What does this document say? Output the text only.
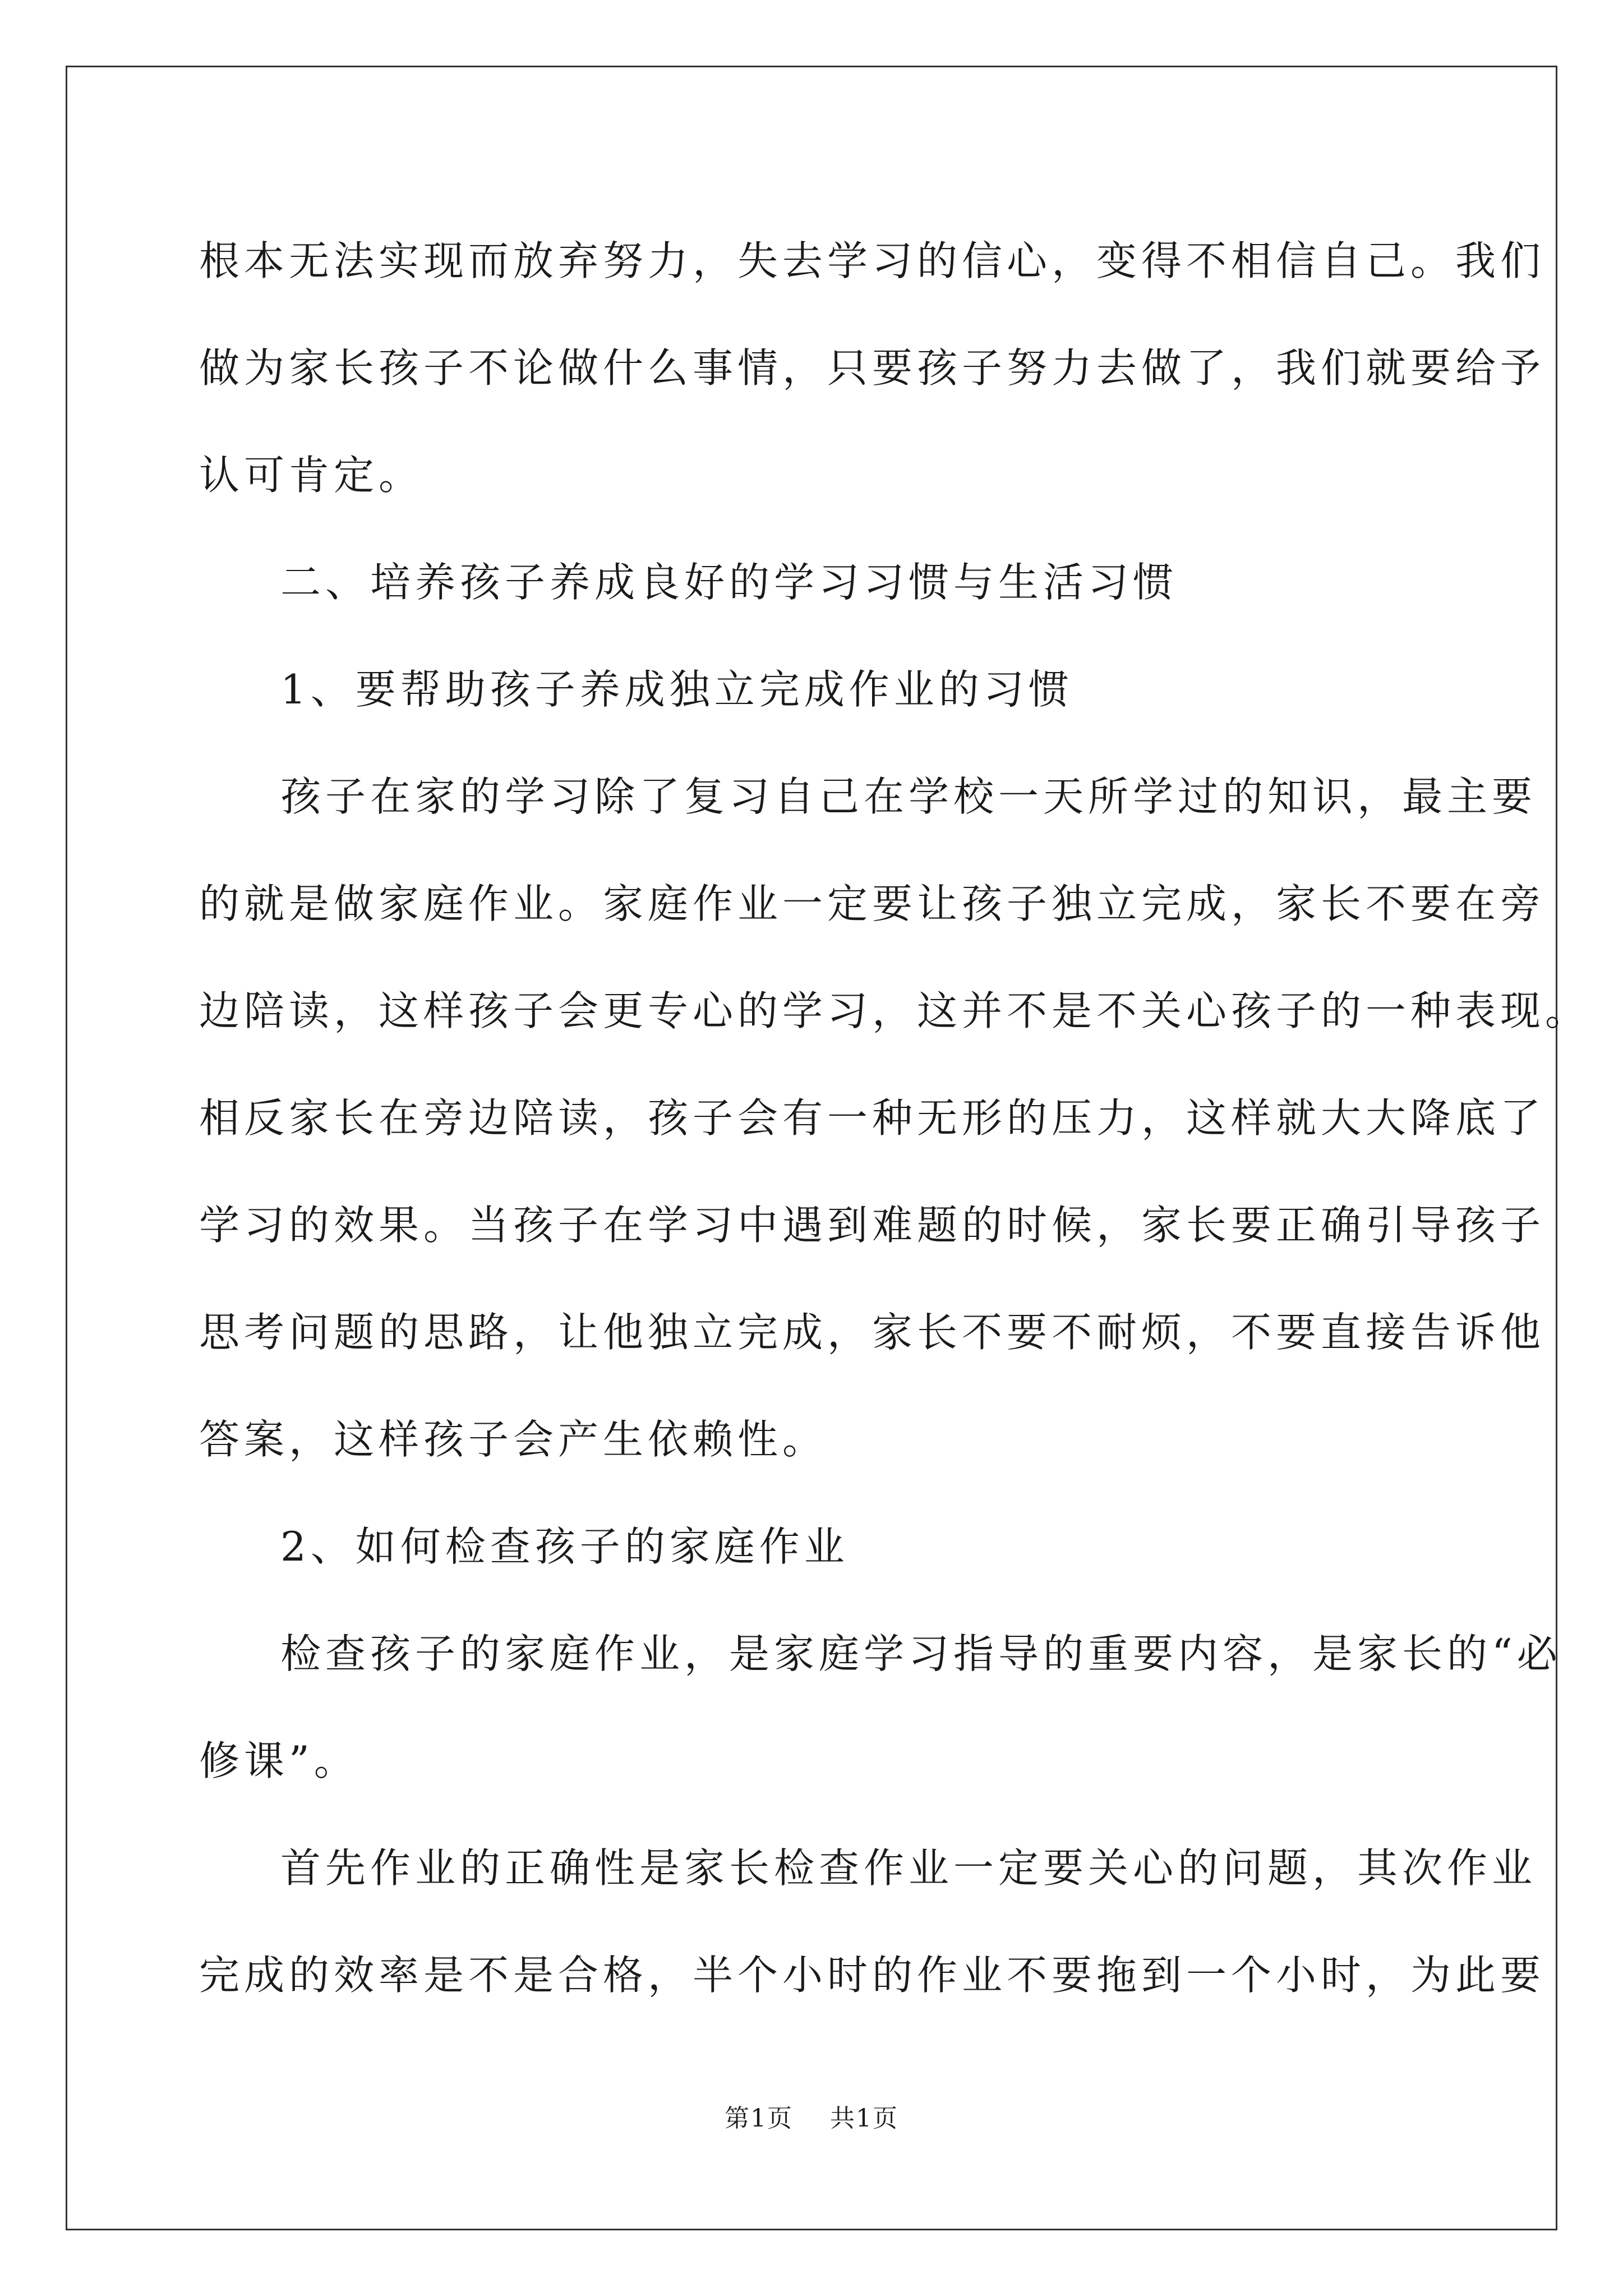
根本无法实现而放弃努力，失去学习的信心，变得不相信自己。我们
做为家长孩子不论做什么事情，只要孩子努力去做了，我们就要给予
认可肯定。
二、培养孩子养成良好的学习习惯与生活习惯
1、要帮助孩子养成独立完成作业的习惯
孩子在家的学习除了复习自己在学校一天所学过的知识，最主要
的就是做家庭作业。家庭作业一定要让孩子独立完成，家长不要在旁
边陪读，这样孩子会更专心的学习，这并不是不关心孩子的一种表现。
相反家长在旁边陪读，孩子会有一种无形的压力，这样就大大降底了
学习的效果。当孩子在学习中遇到难题的时候，家长要正确引导孩子
思考问题的思路，让他独立完成，家长不要不耐烦，不要直接告诉他
答案，这样孩子会产生依赖性。
2、如何检查孩子的家庭作业
检查孩子的家庭作业，是家庭学习指导的重要内容，是家长的“必
修课”。
首先作业的正确性是家长检查作业一定要关心的问题，其次作业
完成的效率是不是合格，半个小时的作业不要拖到一个小时，为此要
第1页 共1页
